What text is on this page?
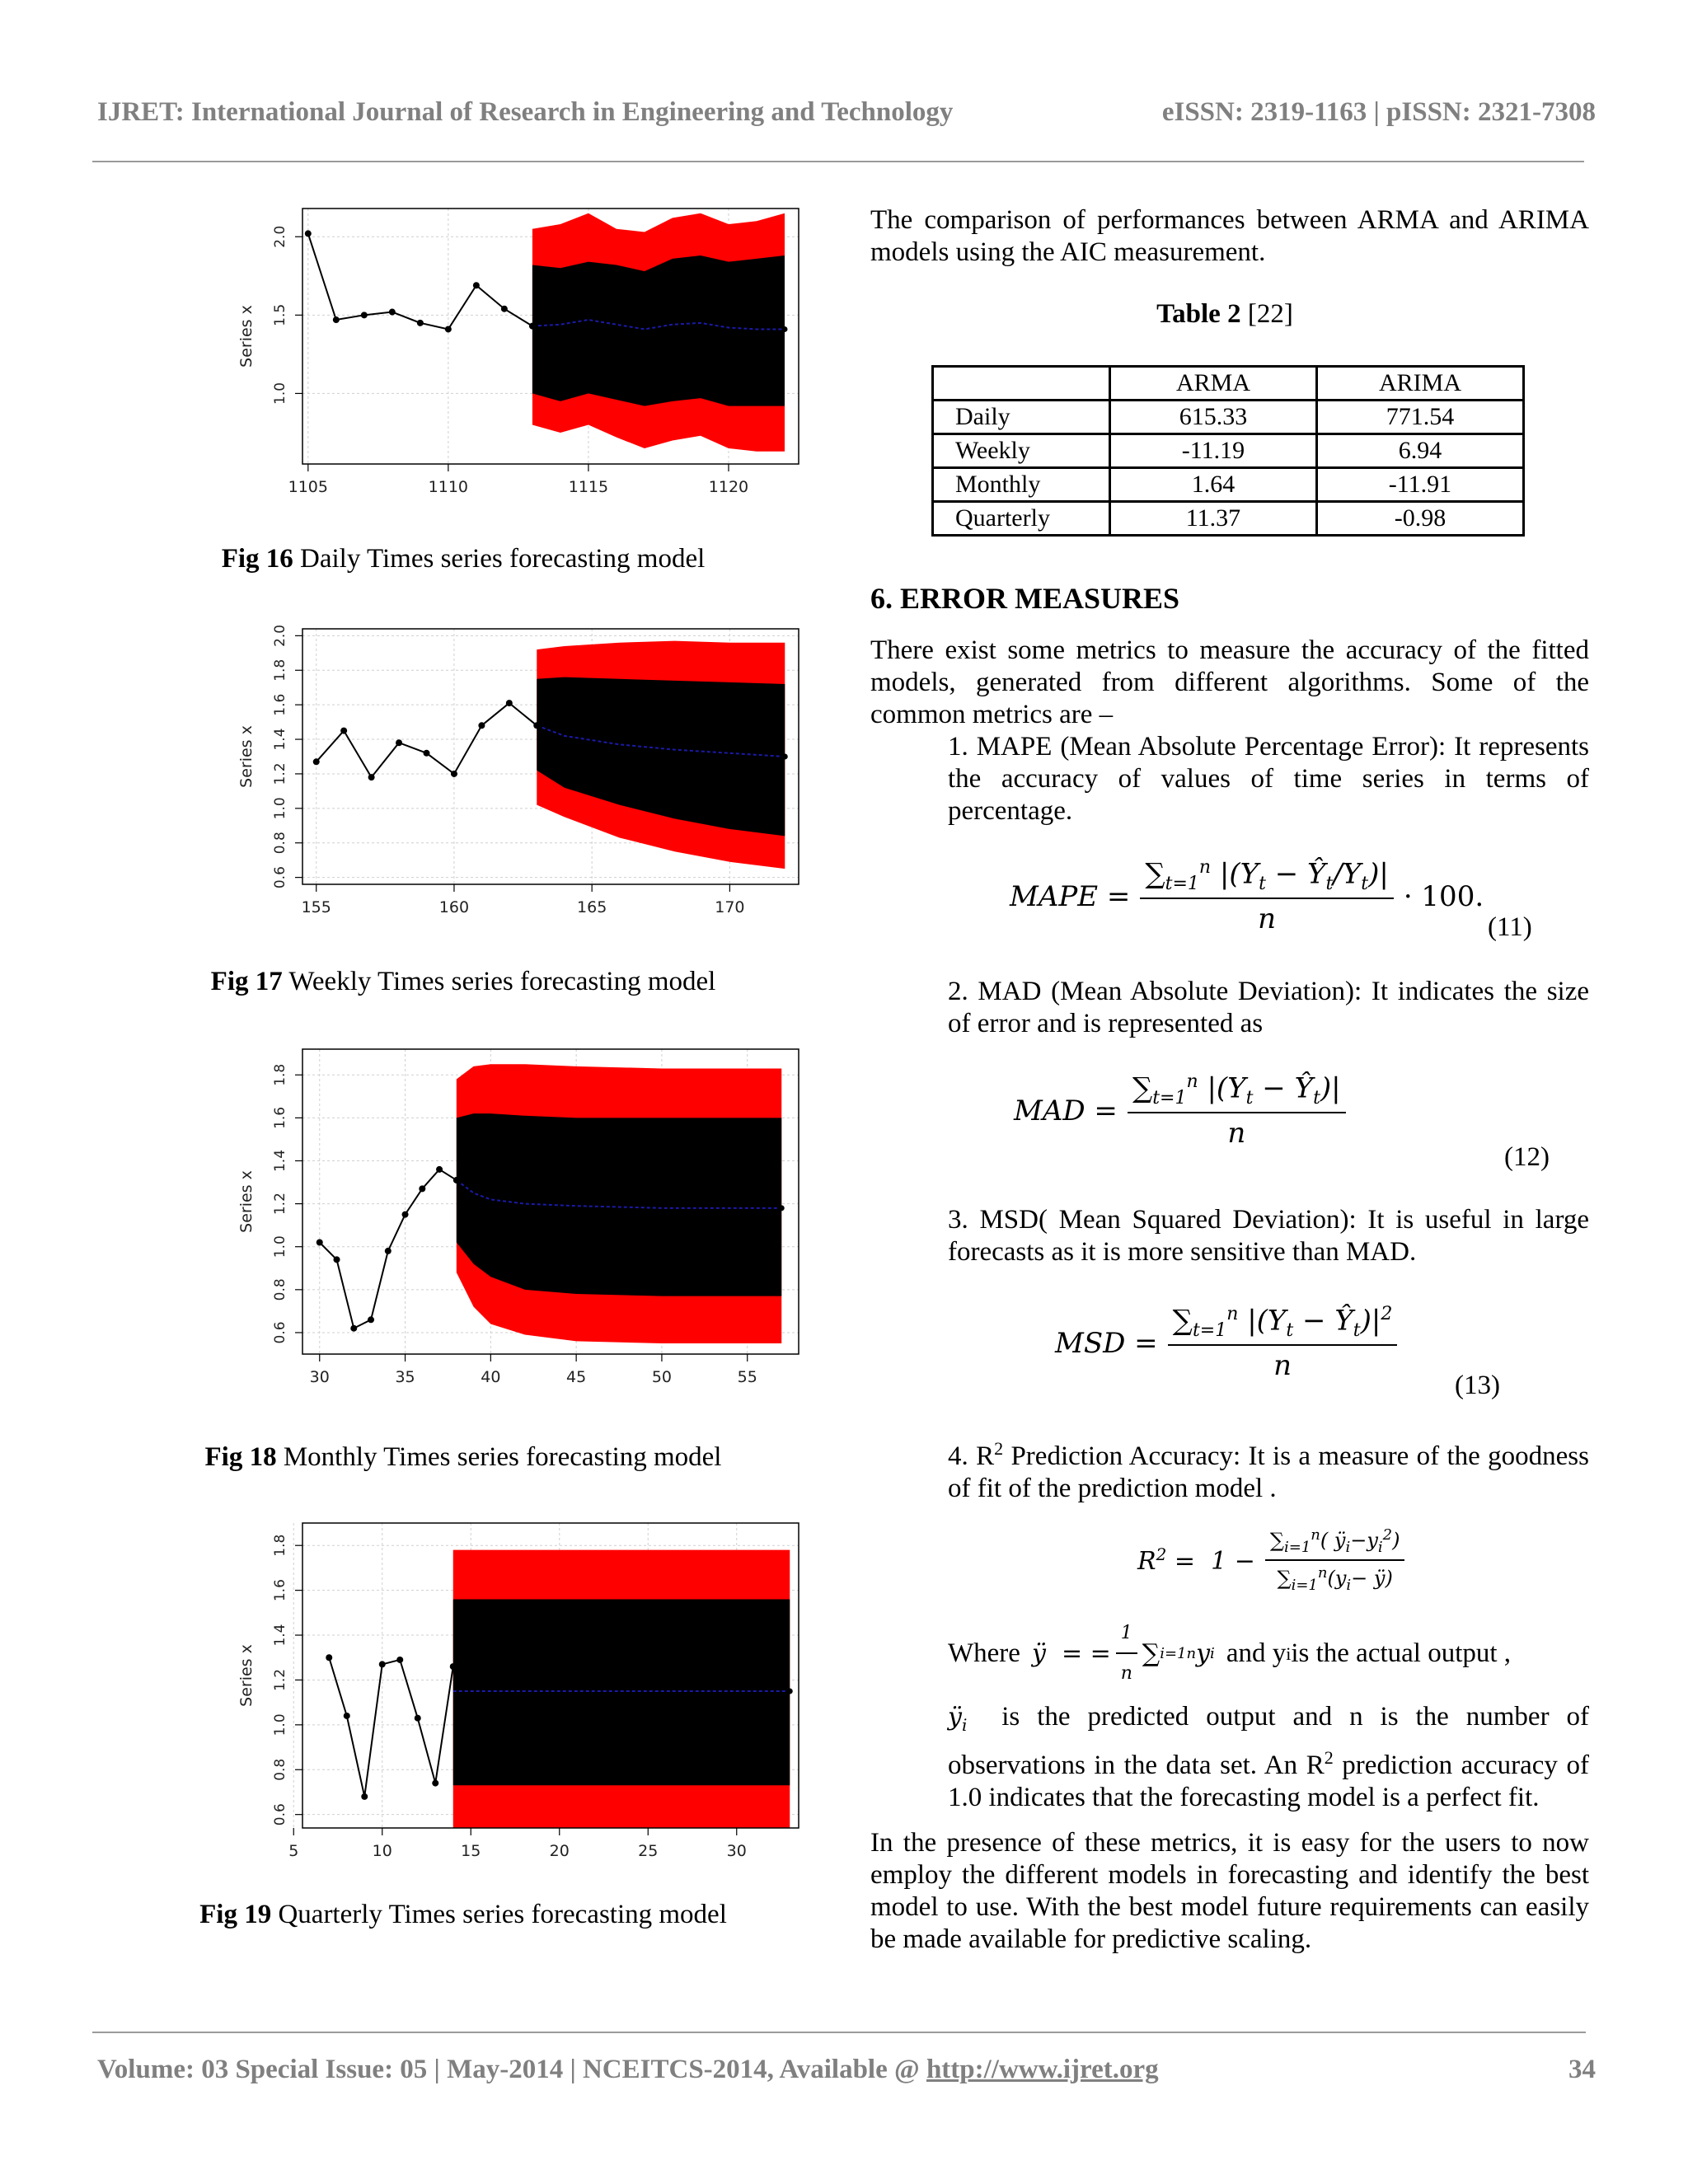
IJRET: International Journal of Research in Engineering and Technology	eISSN: 2319-1163 | pISSN: 2321-7308
1105	1110	1115	1120
1.0
1.5
2.0
Series x
Fig 16 Daily Times series forecasting model
155	160	165	170
0.6
0.8
1.0
1.2
1.4
1.6
1.8
2.0
Series x
Fig 17 Weekly Times series forecasting model
30	35	40	45	50	55
0.6
0.8
1.0
1.2
1.4
1.6
1.8
Series x
Fig 18 Monthly Times series forecasting model
5	10	15	20	25	30
0.6
0.8
1.0
1.2
1.4
1.6
1.8
Series x
Fig 19 Quarterly Times series forecasting model
The comparison of performances between ARMA and ARIMA models using the AIC measurement.
Table 2 [22]
	ARMA	ARIMA
Daily	615.33	771.54
Weekly	-11.19	6.94
Monthly	1.64	-11.91
Quarterly	11.37	-0.98
6. ERROR MEASURES
There exist some metrics to measure the accuracy of the fitted models, generated from different algorithms. Some of the common metrics are –
1. MAPE (Mean Absolute Percentage Error): It represents the accuracy of values of time series in terms of percentage.
MAPE = $\frac{\sum_{t=1}^n |(Y_t - Ŷ_t/Y_t)|}{n} \cdot 100$.
(11)
2. MAD (Mean Absolute Deviation): It indicates the size of error and is represented as
MAD = $\frac{\sum_{t=1}^n |(Y_t - Ŷ_t)|}{n}$
(12)
3. MSD( Mean Squared Deviation): It is useful in large forecasts as it is more sensitive than MAD.
MSD = $\frac{\sum_{t=1}^n |(Y_t - Ŷ_t)|^2}{n}$
(13)
4. $R^2$ Prediction Accuracy: It is a measure of the goodness of fit of the prediction model .
$R^2 = 1 - \frac{\sum_{i=1}^n( ÿ_i-y_i^2)}{\sum_{i=1}^n(y_i- ÿ)}$
Where ÿ  = = $\frac{1}{n}$ ∑ i=1 n y i and y i is the actual output ,
$ÿ_i$ is the predicted output and n is the number of observations in the data set. An $R^2$ prediction accuracy of 1.0 indicates that the forecasting model is a perfect fit.
In the presence of these metrics, it is easy for the users to now employ the different models in forecasting and identify the best model to use. With the best model future requirements can easily be made available for predictive scaling.
Volume: 03 Special Issue: 05 | May-2014 | NCEITCS-2014, Available @ http://www.ijret.org	34
